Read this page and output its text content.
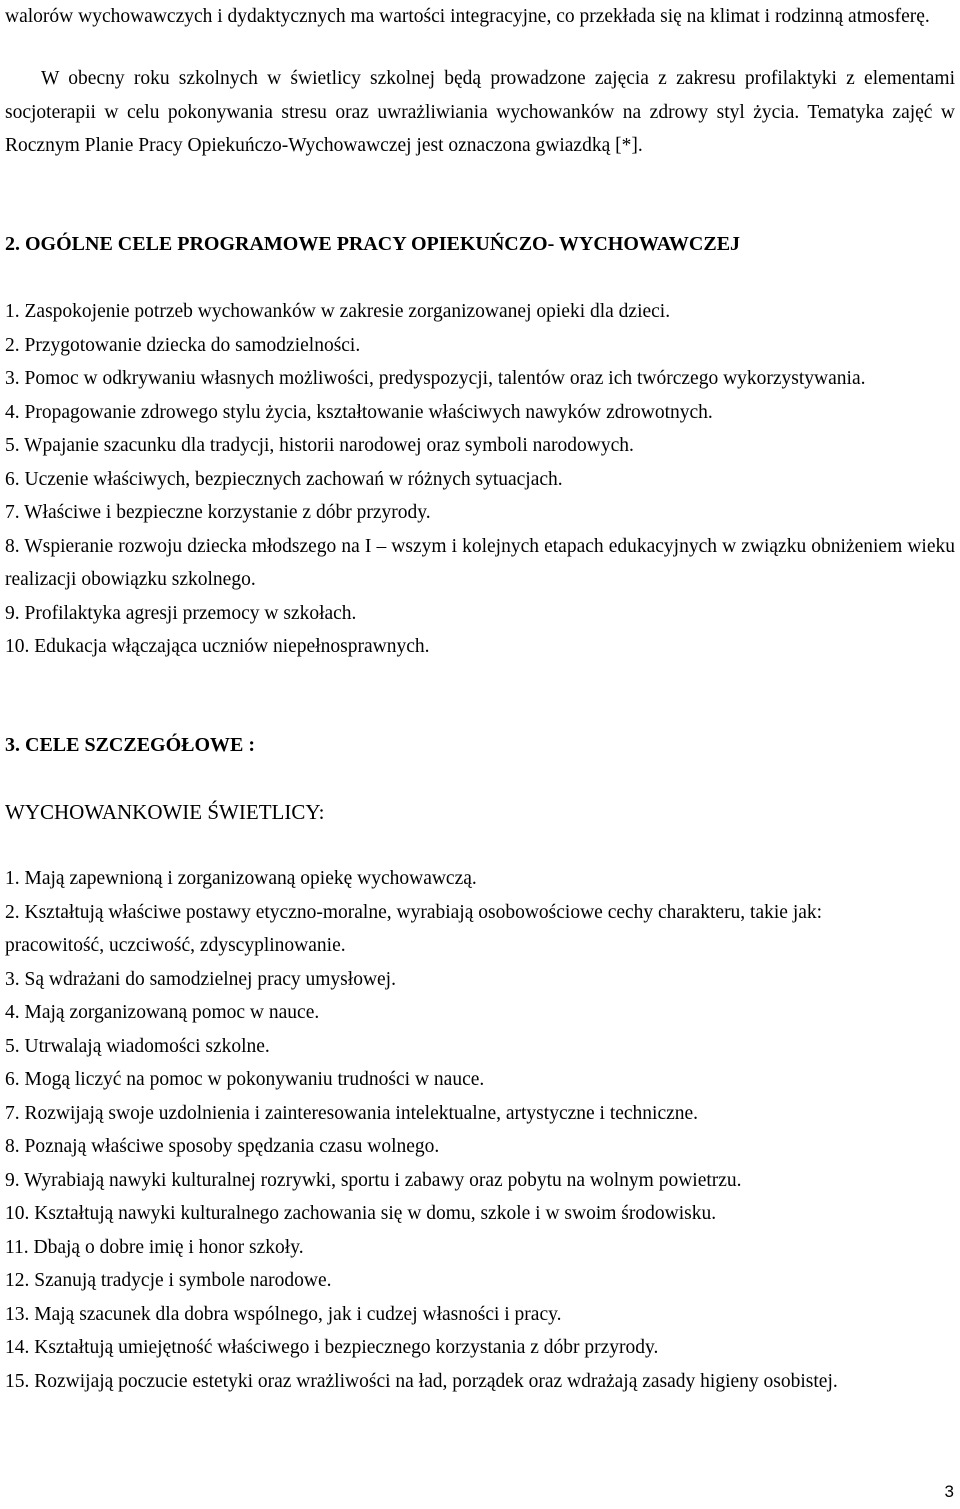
walorów wychowawczych i dydaktycznych ma wartości integracyjne, co przekłada się na klimat i rodzinną atmosferę.

W obecny roku szkolnych w świetlicy szkolnej będą prowadzone zajęcia z zakresu profilaktyki z elementami socjoterapii w celu pokonywania stresu oraz uwrażliwiania wychowanków na zdrowy styl życia. Tematyka zajęć w Rocznym Planie Pracy Opiekuńczo-Wychowawczej jest oznaczona gwiazdką [*].

2. OGÓLNE CELE PROGRAMOWE PRACY OPIEKUŃCZO- WYCHOWAWCZEJ
1. Zaspokojenie potrzeb wychowanków w zakresie zorganizowanej opieki dla dzieci.
2. Przygotowanie dziecka do samodzielności.
3. Pomoc w odkrywaniu własnych możliwości, predyspozycji, talentów oraz ich twórczego wykorzystywania.
4. Propagowanie zdrowego stylu życia, kształtowanie właściwych nawyków zdrowotnych.
5. Wpajanie szacunku dla tradycji, historii narodowej oraz symboli narodowych.
6. Uczenie właściwych, bezpiecznych zachowań w różnych sytuacjach.
7. Właściwe i bezpieczne korzystanie z dóbr przyrody.
8. Wspieranie rozwoju dziecka młodszego na I – wszym i kolejnych etapach edukacyjnych w związku obniżeniem wieku realizacji obowiązku szkolnego.
9. Profilaktyka agresji przemocy w szkołach.
10. Edukacja włączająca uczniów niepełnosprawnych.
3. CELE SZCZEGÓŁOWE :
WYCHOWANKOWIE ŚWIETLICY:
1. Mają zapewnioną i zorganizowaną opiekę wychowawczą.
2. Kształtują właściwe postawy etyczno-moralne, wyrabiają osobowościowe cechy charakteru, takie jak: pracowitość, uczciwość, zdyscyplinowanie.
3. Są wdrażani do samodzielnej pracy umysłowej.
4. Mają zorganizowaną pomoc w nauce.
5. Utrwalają wiadomości szkolne.
6. Mogą liczyć na pomoc w pokonywaniu trudności w nauce.
7. Rozwijają swoje uzdolnienia i zainteresowania intelektualne, artystyczne i techniczne.
8. Poznają właściwe sposoby spędzania czasu wolnego.
9. Wyrabiają nawyki kulturalnej rozrywki, sportu i zabawy oraz pobytu na wolnym powietrzu.
10. Kształtują nawyki kulturalnego zachowania się w domu, szkole i w swoim środowisku.
11. Dbają o dobre imię i honor szkoły.
12. Szanują tradycje i symbole narodowe.
13. Mają szacunek dla dobra wspólnego, jak i cudzej własności i pracy.
14. Kształtują umiejętność właściwego i bezpiecznego korzystania z dóbr przyrody.
15. Rozwijają poczucie estetyki oraz wrażliwości na ład, porządek oraz wdrażają zasady higieny osobistej.
3
